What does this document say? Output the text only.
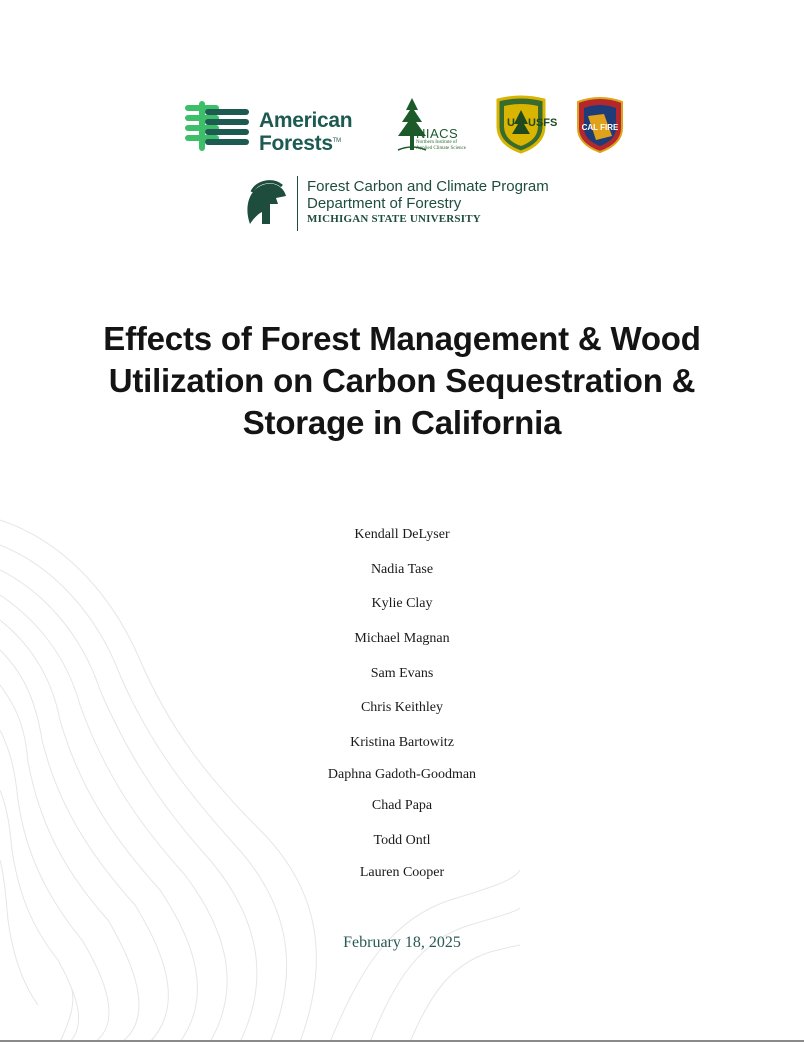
American
Forests™	NIACS
Northern Institute of Applied Climate Science
U USFS	CAL FIRE
Forest Carbon and Climate Program
Department of Forestry
MICHIGAN STATE UNIVERSITY
Effects of Forest Management & Wood Utilization on Carbon Sequestration & Storage in California
Kendall DeLyser
Nadia Tase
Kylie Clay
Michael Magnan
Sam Evans
Chris Keithley
Kristina Bartowitz
Daphna Gadoth-Goodman
Chad Papa
Todd Ontl
Lauren Cooper
February 18, 2025
